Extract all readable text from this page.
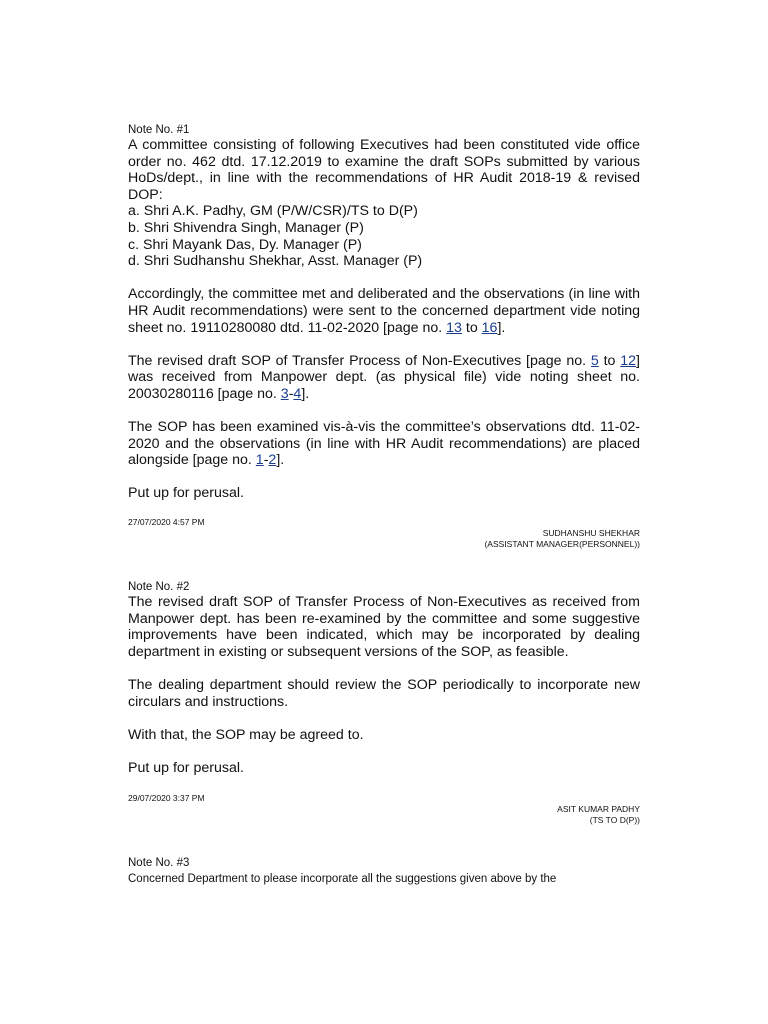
Note No. #1

A committee consisting of following Executives had been constituted vide office order no. 462 dtd. 17.12.2019 to examine the draft SOPs submitted by various HoDs/dept., in line with the recommendations of HR Audit 2018-19 & revised DOP:
a. Shri A.K. Padhy, GM (P/W/CSR)/TS to D(P)
b. Shri Shivendra Singh, Manager (P)
c. Shri Mayank Das, Dy. Manager (P)
d. Shri Sudhanshu Shekhar, Asst. Manager (P)

Accordingly, the committee met and deliberated and the observations (in line with HR Audit recommendations) were sent to the concerned department vide noting sheet no. 19110280080 dtd. 11-02-2020 [page no. 13 to 16].

The revised draft SOP of Transfer Process of Non-Executives [page no. 5 to 12] was received from Manpower dept. (as physical file) vide noting sheet no. 20030280116 [page no. 3-4].

The SOP has been examined vis-à-vis the committee’s observations dtd. 11-02-2020 and the observations (in line with HR Audit recommendations) are placed alongside [page no. 1-2].

Put up for perusal.

27/07/2020 4:57 PM
SUDHANSHU SHEKHAR
(ASSISTANT MANAGER(PERSONNEL))
Note No. #2

The revised draft SOP of Transfer Process of Non-Executives as received from Manpower dept. has been re-examined by the committee and some suggestive improvements have been indicated, which may be incorporated by dealing department in existing or subsequent versions of the SOP, as feasible.

The dealing department should review the SOP periodically to incorporate new circulars and instructions.

With that, the SOP may be agreed to.

Put up for perusal.

29/07/2020 3:37 PM
ASIT KUMAR PADHY
(TS TO D(P))
Note No. #3
Concerned Department to please incorporate all the suggestions given above by the
